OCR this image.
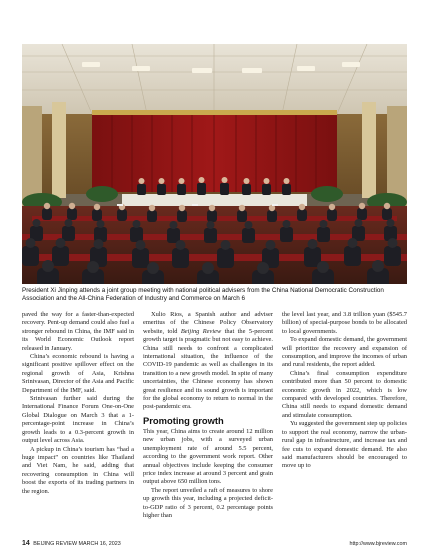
President Xi Jinping attends a joint group meeting with national political advisers from the China National Democratic Construction Association and the All-China Federation of Industry and Commerce on March 6

paved the way for a faster-than-expected recovery. Pent-up demand could also fuel a stronger rebound in China, the IMF said in its World Economic Outlook report released in January.

China’s economic rebound is having a significant positive spillover effect on the regional growth of Asia, Krishna Srinivasan, Director of the Asia and Pacific Department of the IMF, said.

Srinivasan further said during the International Finance Forum One-on-One Global Dialogue on March 3 that a 1-percentage-point increase in China’s growth leads to a 0.3-percent growth in output level across Asia.

A pickup in China’s tourism has “had a huge impact” on countries like Thailand and Viet Nam, he said, adding that recovering consumption in China will boost the exports of its trading partners in the region.

Xulio Rios, a Spanish author and adviser emeritus of the Chinese Policy Observatory website, told Beijing Review that the 5-percent growth target is pragmatic but not easy to achieve. China still needs to confront a complicated international situation, the influence of the COVID-19 pandemic as well as challenges in its transition to a new growth model. In spite of many uncertainties, the Chinese economy has shown great resilience and its sound growth is important for the global economy to return to normal in the post-pandemic era.

Promoting growth

This year, China aims to create around 12 million new urban jobs, with a surveyed urban unemployment rate of around 5.5 percent, according to the government work report. Other annual objectives include keeping the consumer price index increase at around 3 percent and grain output above 650 million tons.

The report unveiled a raft of measures to shore up growth this year, including a projected deficit-to-GDP ratio of 3 percent, 0.2 percentage points higher than

the level last year, and 3.8 trillion yuan ($545.7 billion) of special-purpose bonds to be allocated to local governments.

To expand domestic demand, the government will prioritize the recovery and expansion of consumption, and improve the incomes of urban and rural residents, the report added.

China’s final consumption expenditure contributed more than 50 percent to domestic economic growth in 2022, which is low compared with developed countries. Therefore, China still needs to expand domestic demand and stimulate consumption.

Yu suggested the government step up policies to support the real economy, narrow the urban-rural gap in infrastructure, and increase tax and fee cuts to expand domestic demand. He also said manufacturers should be encouraged to move up to

14 BEIJING REVIEW MARCH 16, 2023	http://www.bjreview.com
